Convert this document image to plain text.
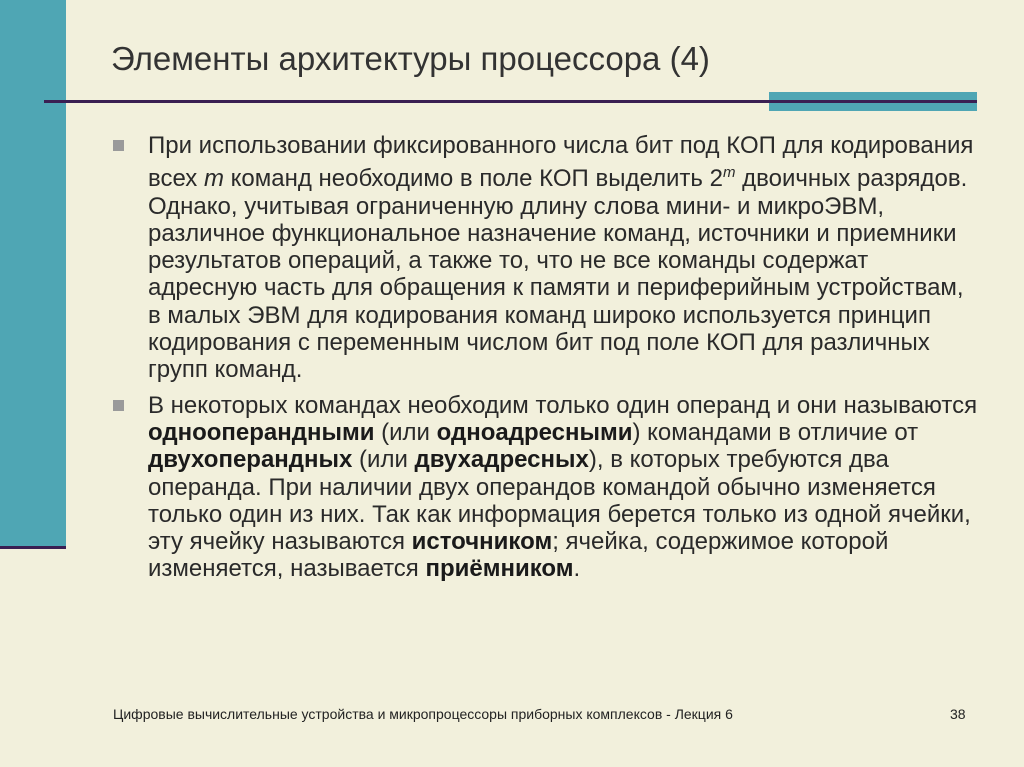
Элементы архитектуры процессора (4)

При использовании фиксированного числа бит под КОП для кодирования всех m команд необходимо в поле КОП выделить 2$^m$ двоичных разрядов. Однако, учитывая ограниченную длину слова мини- и микроЭВМ, различное функциональное назначение команд, источники и приемники результатов операций, а также то, что не все команды содержат адресную часть для обращения к памяти и периферийным устройствам, в малых ЭВМ для кодирования команд широко используется принцип кодирования с переменным числом бит под поле КОП для различных групп команд.

В некоторых командах необходим только один операнд и они называются однооперандными (или одноадресными) командами в отличие от двухоперандных (или двухадресных), в которых требуются два операнда. При наличии двух операндов командой обычно изменяется только один из них. Так как информация берется только из одной ячейки, эту ячейку называются источником; ячейка, содержимое которой изменяется, называется приёмником.

Цифровые вычислительные устройства и микропроцессоры приборных комплексов - Лекция 6	38
